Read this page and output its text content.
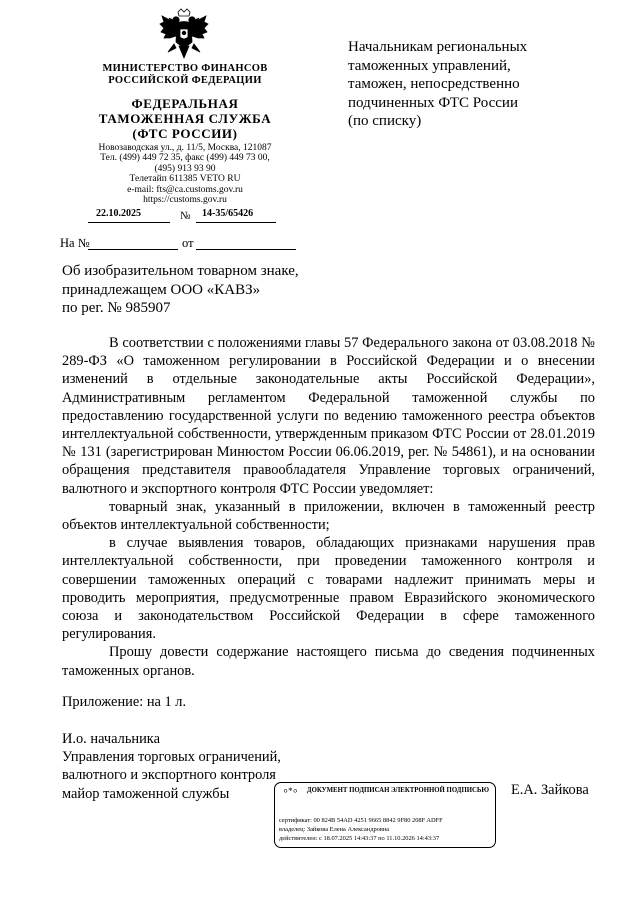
МИНИСТЕРСТВО ФИНАНСОВ
РОССИЙСКОЙ ФЕДЕРАЦИИ
ФЕДЕРАЛЬНАЯ
ТАМОЖЕННАЯ СЛУЖБА
(ФТС РОССИИ)
Новозаводская ул., д. 11/5, Москва, 121087
Тел. (499) 449 72 35, факс (499) 449 73 00,
(495) 913 93 90
Телетайп 611385 VETO RU
e-mail: fts@ca.customs.gov.ru
https://customs.gov.ru
22.10.2025	№ 14-35/65426
На №	от
Начальникам региональных
таможенных управлений,
таможен, непосредственно
подчиненных ФТС России
(по списку)
Об изобразительном товарном знаке,
принадлежащем ООО «КАВЗ»
по рег. № 985907

В соответствии с положениями главы 57 Федерального закона от 03.08.2018 № 289-ФЗ «О таможенном регулировании в Российской Федерации и о внесении изменений в отдельные законодательные акты Российской Федерации», Административным регламентом Федеральной таможенной службы по предоставлению государственной услуги по ведению таможенного реестра объектов интеллектуальной собственности, утвержденным приказом ФТС России от 28.01.2019 № 131 (зарегистрирован Минюстом России 06.06.2019, рег. № 54861), и на основании обращения представителя правообладателя Управление торговых ограничений, валютного и экспортного контроля ФТС России уведомляет:

товарный знак, указанный в приложении, включен в таможенный реестр объектов интеллектуальной собственности;

в случае выявления товаров, обладающих признаками нарушения прав интеллектуальной собственности, при проведении таможенного контроля и совершении таможенных операций с товарами надлежит принимать меры и проводить мероприятия, предусмотренные правом Евразийского экономического союза и законодательством Российской Федерации в сфере таможенного регулирования.

Прошу довести содержание настоящего письма до сведения подчиненных таможенных органов.

Приложение: на 1 л.
И.о. начальника
Управления торговых ограничений,
валютного и экспортного контроля
майор таможенной службы	⸰*⸰ ДОКУМЕНТ ПОДПИСАН ЭЛЕКТРОННОЙ ПОДПИСЬЮ
сертификат: 00 824B 54AD 4251 9665 8842 9F80 208F ADFF
владелец: Зайкова Елена Александровна
действителен: с 18.07.2025 14:43:37 по 11.10.2026 14:43:37
Е.А. Зайкова
